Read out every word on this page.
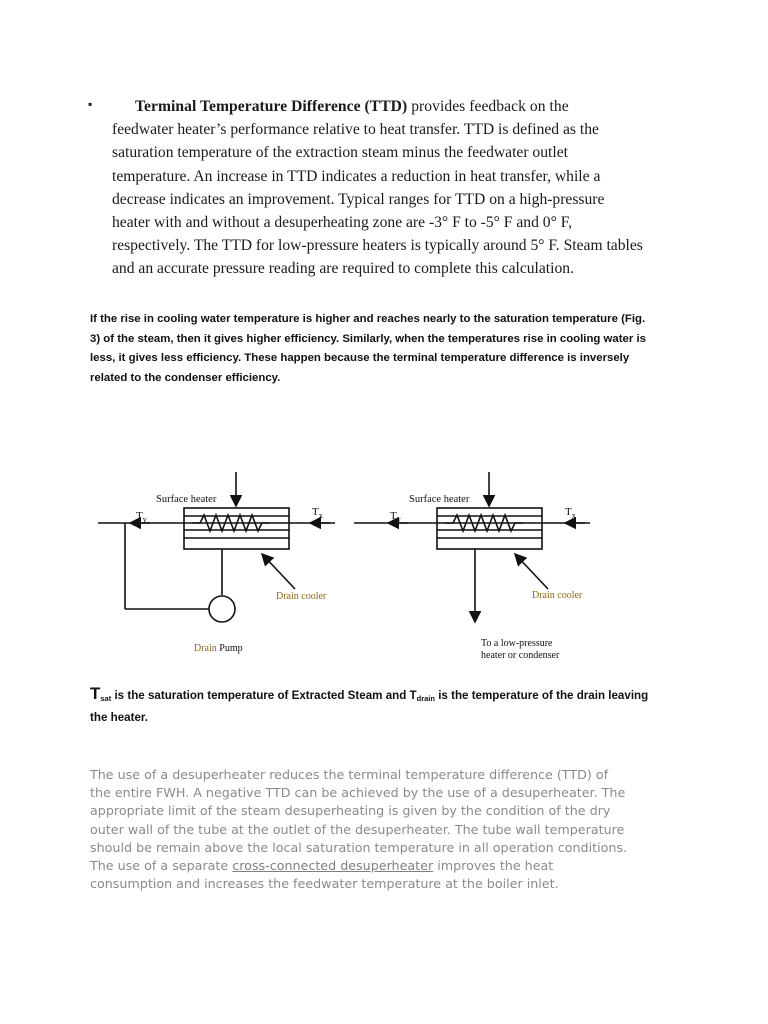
▪	Terminal Temperature Difference (TTD) provides feedback on the

feedwater heater’s performance relative to heat transfer. TTD is defined as the
saturation temperature of the extraction steam minus the feedwater outlet
temperature. An increase in TTD indicates a reduction in heat transfer, while a
decrease indicates an improvement. Typical ranges for TTD on a high-pressure
heater with and without a desuperheating zone are -3° F to -5° F and 0° F,
respectively. The TTD for low-pressure heaters is typically around 5° F. Steam tables
and an accurate pressure reading are required to complete this calculation.
If the rise in cooling water temperature is higher and reaches nearly to the saturation temperature (Fig.
3) of the steam, then it gives higher efficiency. Similarly, when the temperatures rise in cooling water is
less, it gives less efficiency. These happen because the terminal temperature difference is inversely
related to the condenser efficiency.
Surface heater
$T_y$
$T_x$
Drain cooler
Drain Pump
Surface heater
$T_y$
$T_x$
Drain cooler
To a low-pressure
heater or condenser
$T_{sat}$ is the saturation temperature of Extracted Steam and $T_{drain}$ is the temperature of the drain leaving
the heater.
The use of a desuperheater reduces the terminal temperature difference (TTD) of
the entire FWH. A negative TTD can be achieved by the use of a desuperheater. The
appropriate limit of the steam desuperheating is given by the condition of the dry
outer wall of the tube at the outlet of the desuperheater. The tube wall temperature
should be remain above the local saturation temperature in all operation conditions.
The use of a separate cross-connected desuperheater improves the heat
consumption and increases the feedwater temperature at the boiler inlet.
